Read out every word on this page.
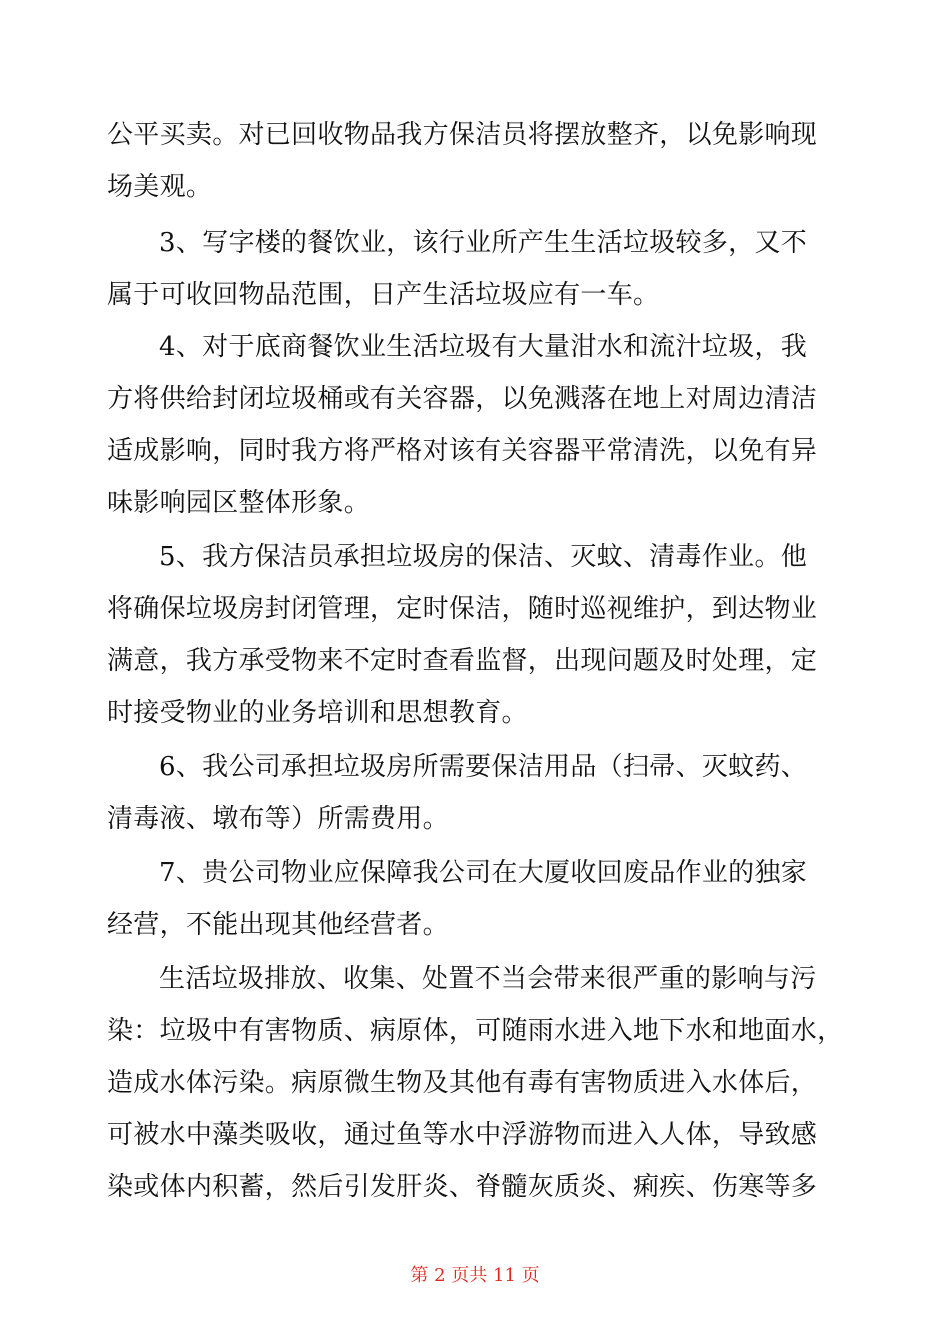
公平买卖。对已回收物品我方保洁员将摆放整齐，以免影响现
场美观。
3、写字楼的餐饮业，该行业所产生生活垃圾较多，又不
属于可收回物品范围，日产生活垃圾应有一车。
4、对于底商餐饮业生活垃圾有大量泔水和流汁垃圾，我
方将供给封闭垃圾桶或有关容器，以免溅落在地上对周边清洁
适成影响，同时我方将严格对该有关容器平常清洗，以免有异
味影响园区整体形象。
5、我方保洁员承担垃圾房的保洁、灭蚊、清毒作业。他
将确保垃圾房封闭管理，定时保洁，随时巡视维护，到达物业
满意，我方承受物来不定时查看监督，出现问题及时处理，定
时接受物业的业务培训和思想教育。
6、我公司承担垃圾房所需要保洁用品（扫帚、灭蚊药、
清毒液、墩布等）所需费用。
7、贵公司物业应保障我公司在大厦收回废品作业的独家
经营，不能出现其他经营者。
生活垃圾排放、收集、处置不当会带来很严重的影响与污
染：垃圾中有害物质、病原体，可随雨水进入地下水和地面水，
造成水体污染。病原微生物及其他有毒有害物质进入水体后，
可被水中藻类吸收，通过鱼等水中浮游物而进入人体，导致感
染或体内积蓄，然后引发肝炎、脊髓灰质炎、痢疾、伤寒等多
第 2 页共 11 页
